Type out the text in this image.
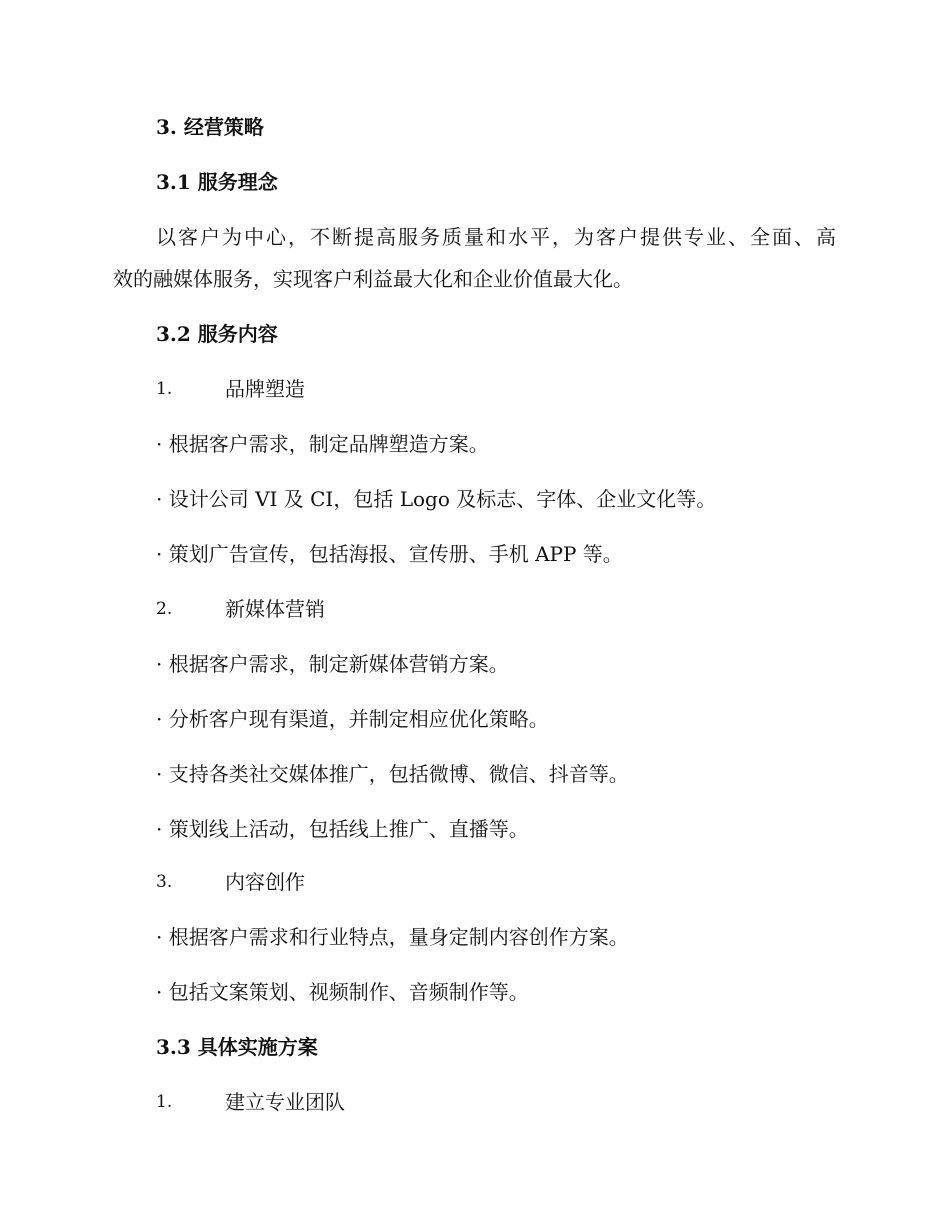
3. 经营策略
3.1 服务理念
以客户为中心，不断提高服务质量和水平，为客户提供专业、全面、高
效的融媒体服务，实现客户利益最大化和企业价值最大化。
3.2 服务内容
1.	品牌塑造
· 根据客户需求，制定品牌塑造方案。
· 设计公司 VI 及 CI，包括 Logo 及标志、字体、企业文化等。
· 策划广告宣传，包括海报、宣传册、手机 APP 等。
2.	新媒体营销
· 根据客户需求，制定新媒体营销方案。
· 分析客户现有渠道，并制定相应优化策略。
· 支持各类社交媒体推广，包括微博、微信、抖音等。
· 策划线上活动，包括线上推广、直播等。
3.	内容创作
· 根据客户需求和行业特点，量身定制内容创作方案。
· 包括文案策划、视频制作、音频制作等。
3.3 具体实施方案
1.	建立专业团队
